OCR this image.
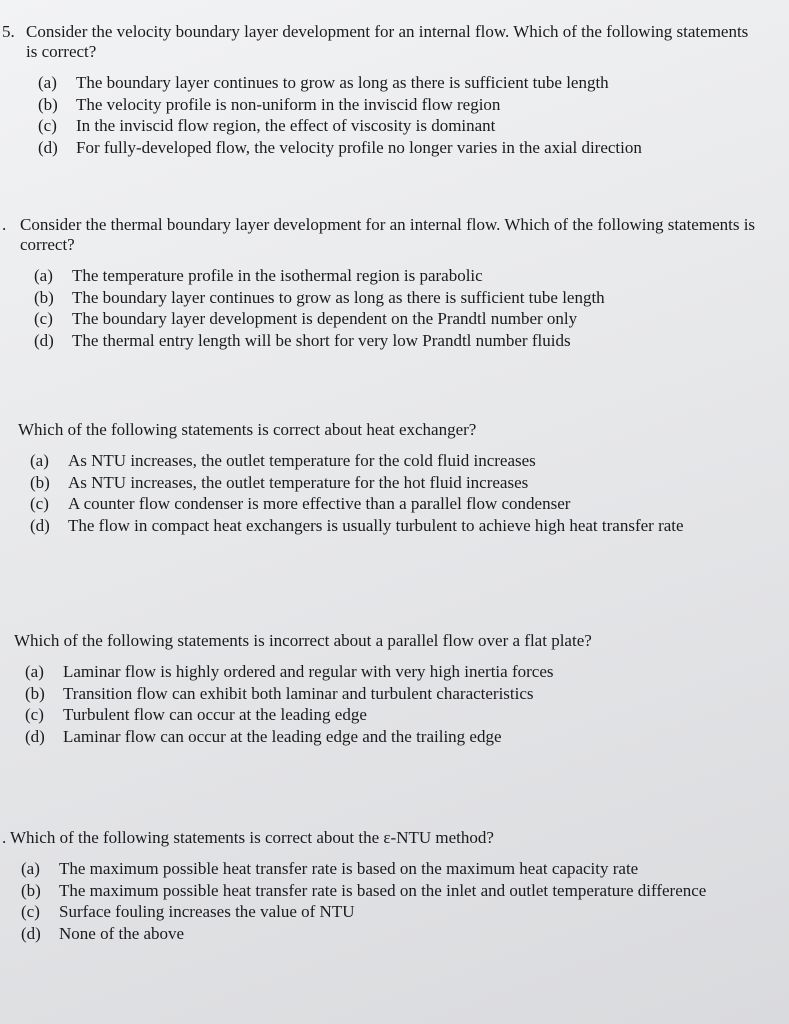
5. Consider the velocity boundary layer development for an internal flow. Which of the following statements is correct?
(a)	The boundary layer continues to grow as long as there is sufficient tube length
(b)	The velocity profile is non-uniform in the inviscid flow region
(c)	In the inviscid flow region, the effect of viscosity is dominant
(d)	For fully-developed flow, the velocity profile no longer varies in the axial direction
. Consider the thermal boundary layer development for an internal flow. Which of the following statements is correct?
(a)	The temperature profile in the isothermal region is parabolic
(b)	The boundary layer continues to grow as long as there is sufficient tube length
(c)	The boundary layer development is dependent on the Prandtl number only
(d)	The thermal entry length will be short for very low Prandtl number fluids
Which of the following statements is correct about heat exchanger?
(a)	As NTU increases, the outlet temperature for the cold fluid increases
(b)	As NTU increases, the outlet temperature for the hot fluid increases
(c)	A counter flow condenser is more effective than a parallel flow condenser
(d)	The flow in compact heat exchangers is usually turbulent to achieve high heat transfer rate
Which of the following statements is incorrect about a parallel flow over a flat plate?
(a)	Laminar flow is highly ordered and regular with very high inertia forces
(b)	Transition flow can exhibit both laminar and turbulent characteristics
(c)	Turbulent flow can occur at the leading edge
(d)	Laminar flow can occur at the leading edge and the trailing edge
. Which of the following statements is correct about the ε-NTU method?
(a)	The maximum possible heat transfer rate is based on the maximum heat capacity rate
(b)	The maximum possible heat transfer rate is based on the inlet and outlet temperature difference
(c)	Surface fouling increases the value of NTU
(d)	None of the above
